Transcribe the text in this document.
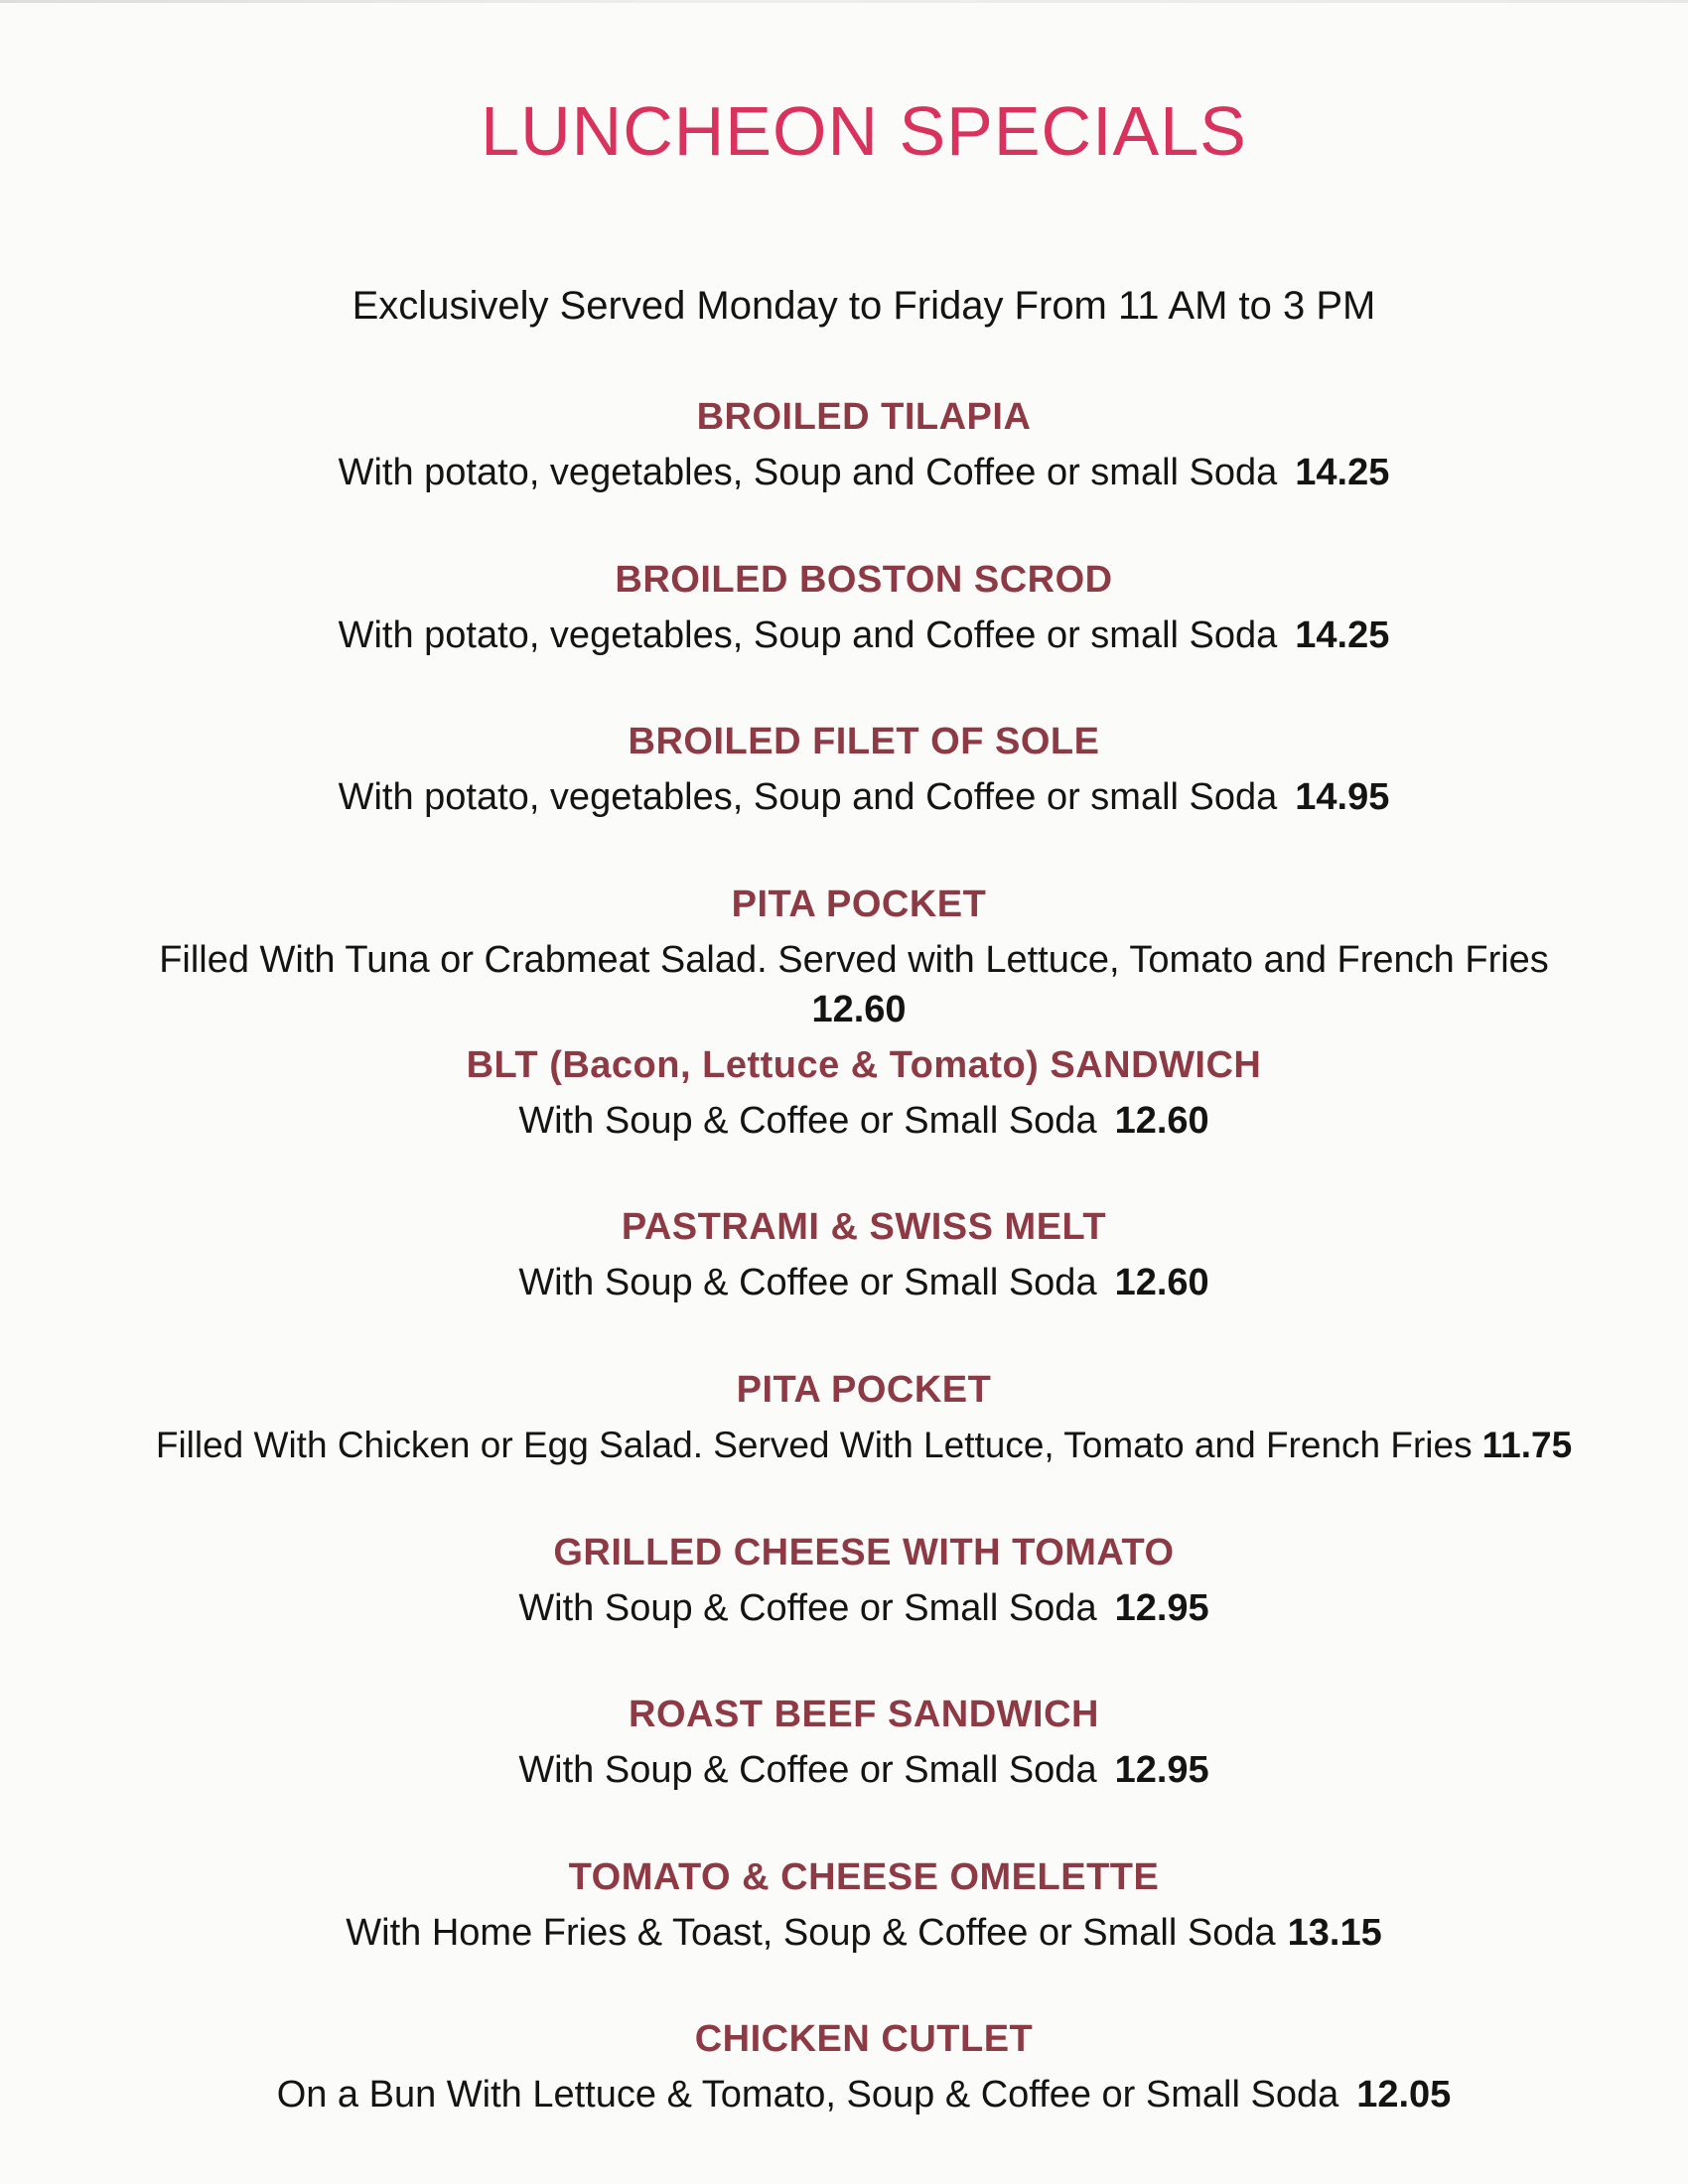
LUNCHEON SPECIALS
Exclusively Served Monday to Friday From 11 AM to 3 PM
BROILED TILAPIA
With potato, vegetables, Soup and Coffee or small Soda 14.25
BROILED BOSTON SCROD
With potato, vegetables, Soup and Coffee or small Soda 14.25
BROILED FILET OF SOLE
With potato, vegetables, Soup and Coffee or small Soda 14.95
PITA POCKET
Filled With Tuna or Crabmeat Salad. Served with Lettuce, Tomato and French Fries
12.60
BLT (Bacon, Lettuce & Tomato) SANDWICH
With Soup & Coffee or Small Soda 12.60
PASTRAMI & SWISS MELT
With Soup & Coffee or Small Soda 12.60
PITA POCKET
Filled With Chicken or Egg Salad. Served With Lettuce, Tomato and French Fries 11.75
GRILLED CHEESE WITH TOMATO
With Soup & Coffee or Small Soda 12.95
ROAST BEEF SANDWICH
With Soup & Coffee or Small Soda 12.95
TOMATO & CHEESE OMELETTE
With Home Fries & Toast, Soup & Coffee or Small Soda 13.15
CHICKEN CUTLET
On a Bun With Lettuce & Tomato, Soup & Coffee or Small Soda 12.05
